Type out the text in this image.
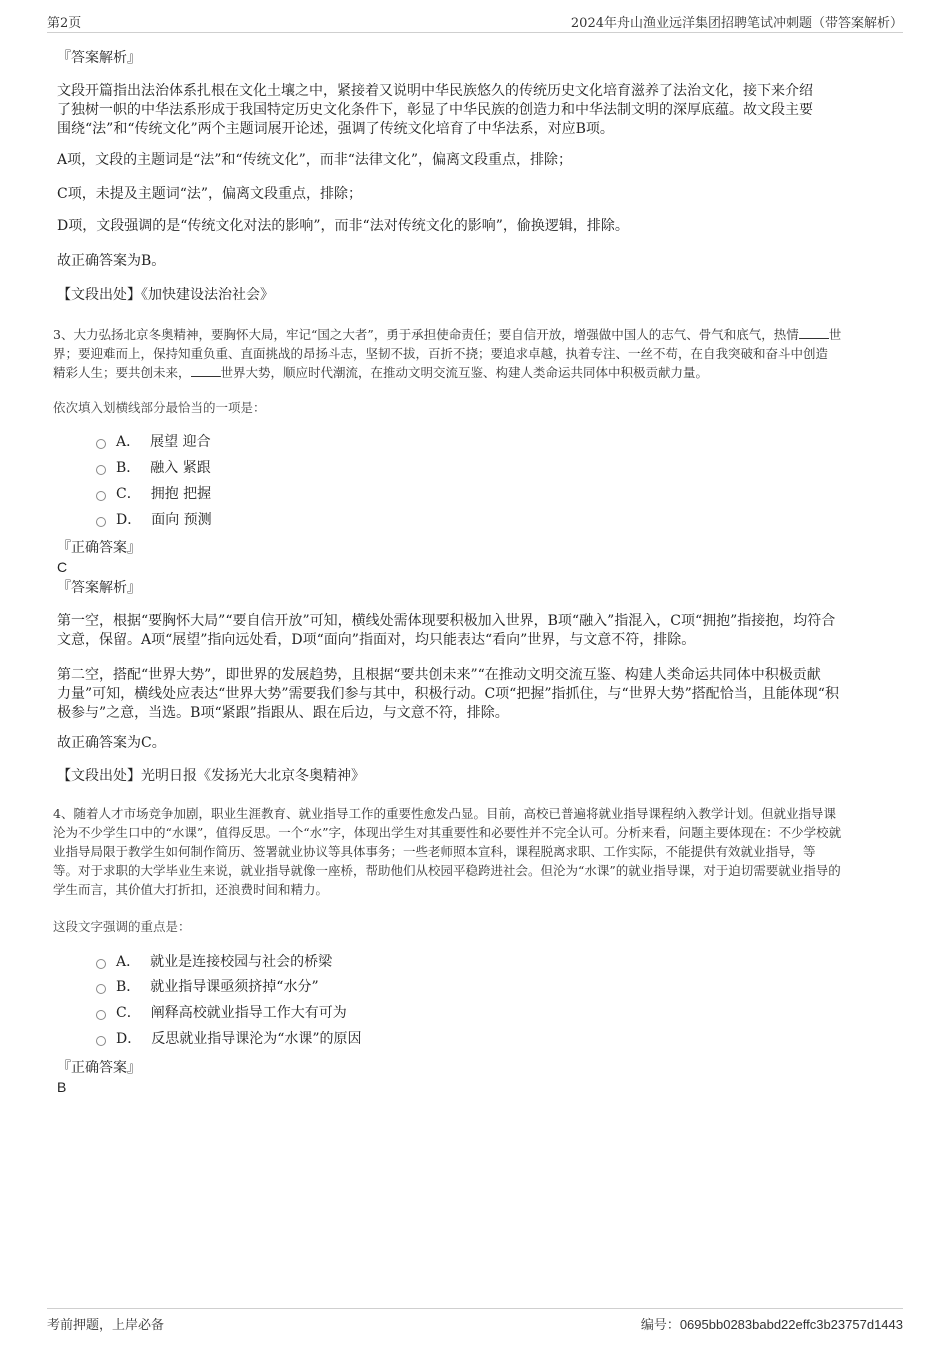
第2页	2024年舟山渔业远洋集团招聘笔试冲刺题（带答案解析）
『答案解析』
文段开篇指出法治体系扎根在文化土壤之中，紧接着又说明中华民族悠久的传统历史文化培育滋养了法治文化，接下来介绍
了独树一帜的中华法系形成于我国特定历史文化条件下，彰显了中华民族的创造力和中华法制文明的深厚底蕴。故文段主要
围绕“法”和“传统文化”两个主题词展开论述，强调了传统文化培育了中华法系，对应B项。
A项，文段的主题词是“法”和“传统文化”，而非“法律文化”，偏离文段重点，排除；
C项，未提及主题词“法”，偏离文段重点，排除；
D项，文段强调的是“传统文化对法的影响”，而非“法对传统文化的影响”，偷换逻辑，排除。
故正确答案为B。
【文段出处】《加快建设法治社会》
3、大力弘扬北京冬奥精神，要胸怀大局，牢记“国之大者”，勇于承担使命责任；要自信开放，增强做中国人的志气、骨气和底气，热情 世
界；要迎难而上，保持知重负重、直面挑战的昂扬斗志，坚韧不拔，百折不挠；要追求卓越，执着专注、一丝不苟，在自我突破和奋斗中创造
精彩人生；要共创未来， 世界大势，顺应时代潮流，在推动文明交流互鉴、构建人类命运共同体中积极贡献力量。
依次填入划横线部分最恰当的一项是：
A． 展望 迎合
B． 融入 紧跟
C． 拥抱 把握
D． 面向 预测
『正确答案』
C
『答案解析』
第一空，根据“要胸怀大局”“要自信开放”可知，横线处需体现要积极加入世界，B项“融入”指混入，C项“拥抱”指接抱，均符合
文意，保留。A项“展望”指向远处看，D项“面向”指面对，均只能表达“看向”世界，与文意不符，排除。
第二空，搭配“世界大势”，即世界的发展趋势，且根据“要共创未来”“在推动文明交流互鉴、构建人类命运共同体中积极贡献
力量”可知，横线处应表达“世界大势”需要我们参与其中，积极行动。C项“把握”指抓住，与“世界大势”搭配恰当，且能体现“积
极参与”之意，当选。B项“紧跟”指跟从、跟在后边，与文意不符，排除。
故正确答案为C。
【文段出处】光明日报《发扬光大北京冬奥精神》
4、随着人才市场竞争加剧，职业生涯教育、就业指导工作的重要性愈发凸显。目前，高校已普遍将就业指导课程纳入教学计划。但就业指导课
沦为不少学生口中的“水课”，值得反思。一个“水”字，体现出学生对其重要性和必要性并不完全认可。分析来看，问题主要体现在：不少学校就
业指导局限于教学生如何制作简历、签署就业协议等具体事务；一些老师照本宣科，课程脱离求职、工作实际，不能提供有效就业指导，等
等。对于求职的大学毕业生来说，就业指导就像一座桥，帮助他们从校园平稳跨进社会。但沦为“水课”的就业指导课，对于迫切需要就业指导的
学生而言，其价值大打折扣，还浪费时间和精力。
这段文字强调的重点是：
A． 就业是连接校园与社会的桥梁
B． 就业指导课亟须挤掉“水分”
C． 阐释高校就业指导工作大有可为
D． 反思就业指导课沦为“水课”的原因
『正确答案』
B
考前押题，上岸必备	编号：0695bb0283babd22effc3b23757d1443
